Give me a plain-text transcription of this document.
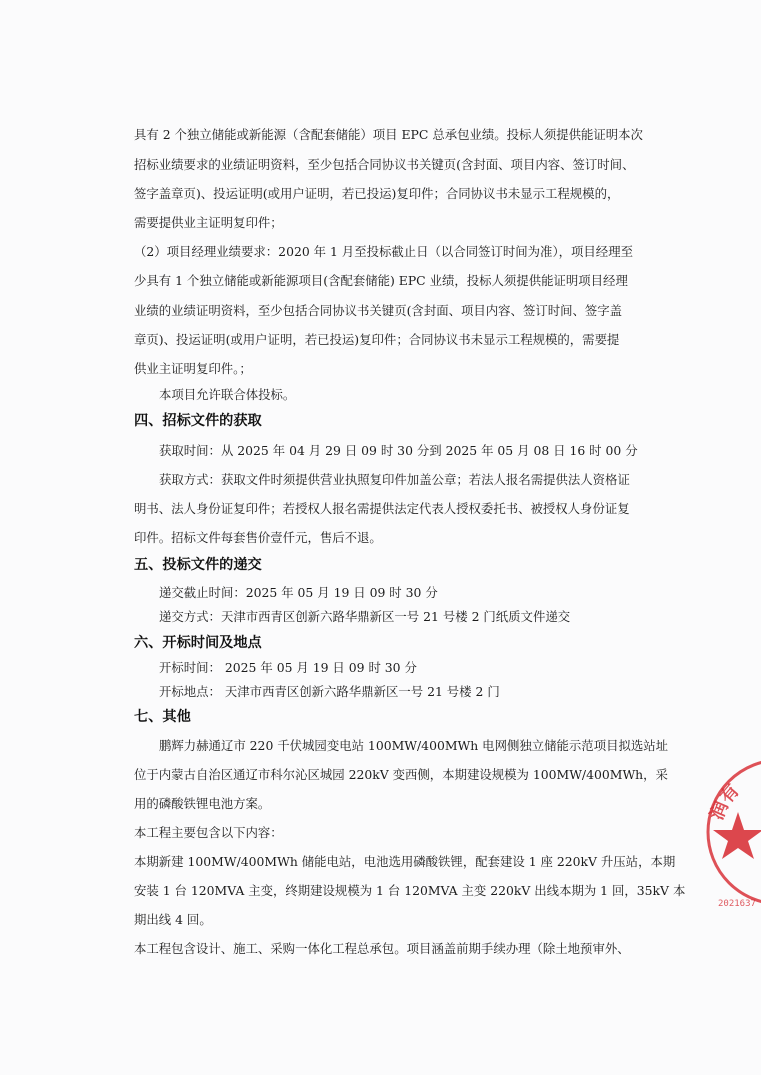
具有 2 个独立储能或新能源（含配套储能）项目 EPC 总承包业绩。投标人须提供能证明本次

招标业绩要求的业绩证明资料，至少包括合同协议书关键页(含封面、项目内容、签订时间、

签字盖章页)、投运证明(或用户证明，若已投运)复印件；合同协议书未显示工程规模的，

需要提供业主证明复印件；

（2）项目经理业绩要求：2020 年 1 月至投标截止日（以合同签订时间为准），项目经理至

少具有 1 个独立储能或新能源项目(含配套储能) EPC 业绩，投标人须提供能证明项目经理

业绩的业绩证明资料，至少包括合同协议书关键页(含封面、项目内容、签订时间、签字盖

章页)、投运证明(或用户证明，若已投运)复印件；合同协议书未显示工程规模的，需要提

供业主证明复印件。；

本项目允许联合体投标。

四、招标文件的获取

获取时间：从 2025 年 04 月 29 日 09 时 30 分到 2025 年 05 月 08 日 16 时 00 分

获取方式：获取文件时须提供营业执照复印件加盖公章；若法人报名需提供法人资格证

明书、法人身份证复印件；若授权人报名需提供法定代表人授权委托书、被授权人身份证复

印件。招标文件每套售价壹仟元，售后不退。

五、投标文件的递交

递交截止时间：2025 年 05 月 19 日 09 时 30 分

递交方式：天津市西青区创新六路华鼎新区一号 21 号楼 2 门纸质文件递交

六、开标时间及地点

开标时间： 2025 年 05 月 19 日 09 时 30 分

开标地点： 天津市西青区创新六路华鼎新区一号 21 号楼 2 门

七、其他

鹏辉力赫通辽市 220 千伏城园变电站 100MW/400MWh 电网侧独立储能示范项目拟选站址

位于内蒙古自治区通辽市科尔沁区城园 220kV 变西侧，本期建设规模为 100MW/400MWh，采

用的磷酸铁锂电池方案。

本工程主要包含以下内容：

本期新建 100MW/400MWh 储能电站，电池选用磷酸铁锂，配套建设 1 座 220kV 升压站，本期

安装 1 台 120MVA 主变，终期建设规模为 1 台 120MVA 主变 220kV 出线本期为 1 回，35kV 本

期出线 4 回。

本工程包含设计、施工、采购一体化工程总承包。项目涵盖前期手续办理（除土地预审外、

润有
2021637
